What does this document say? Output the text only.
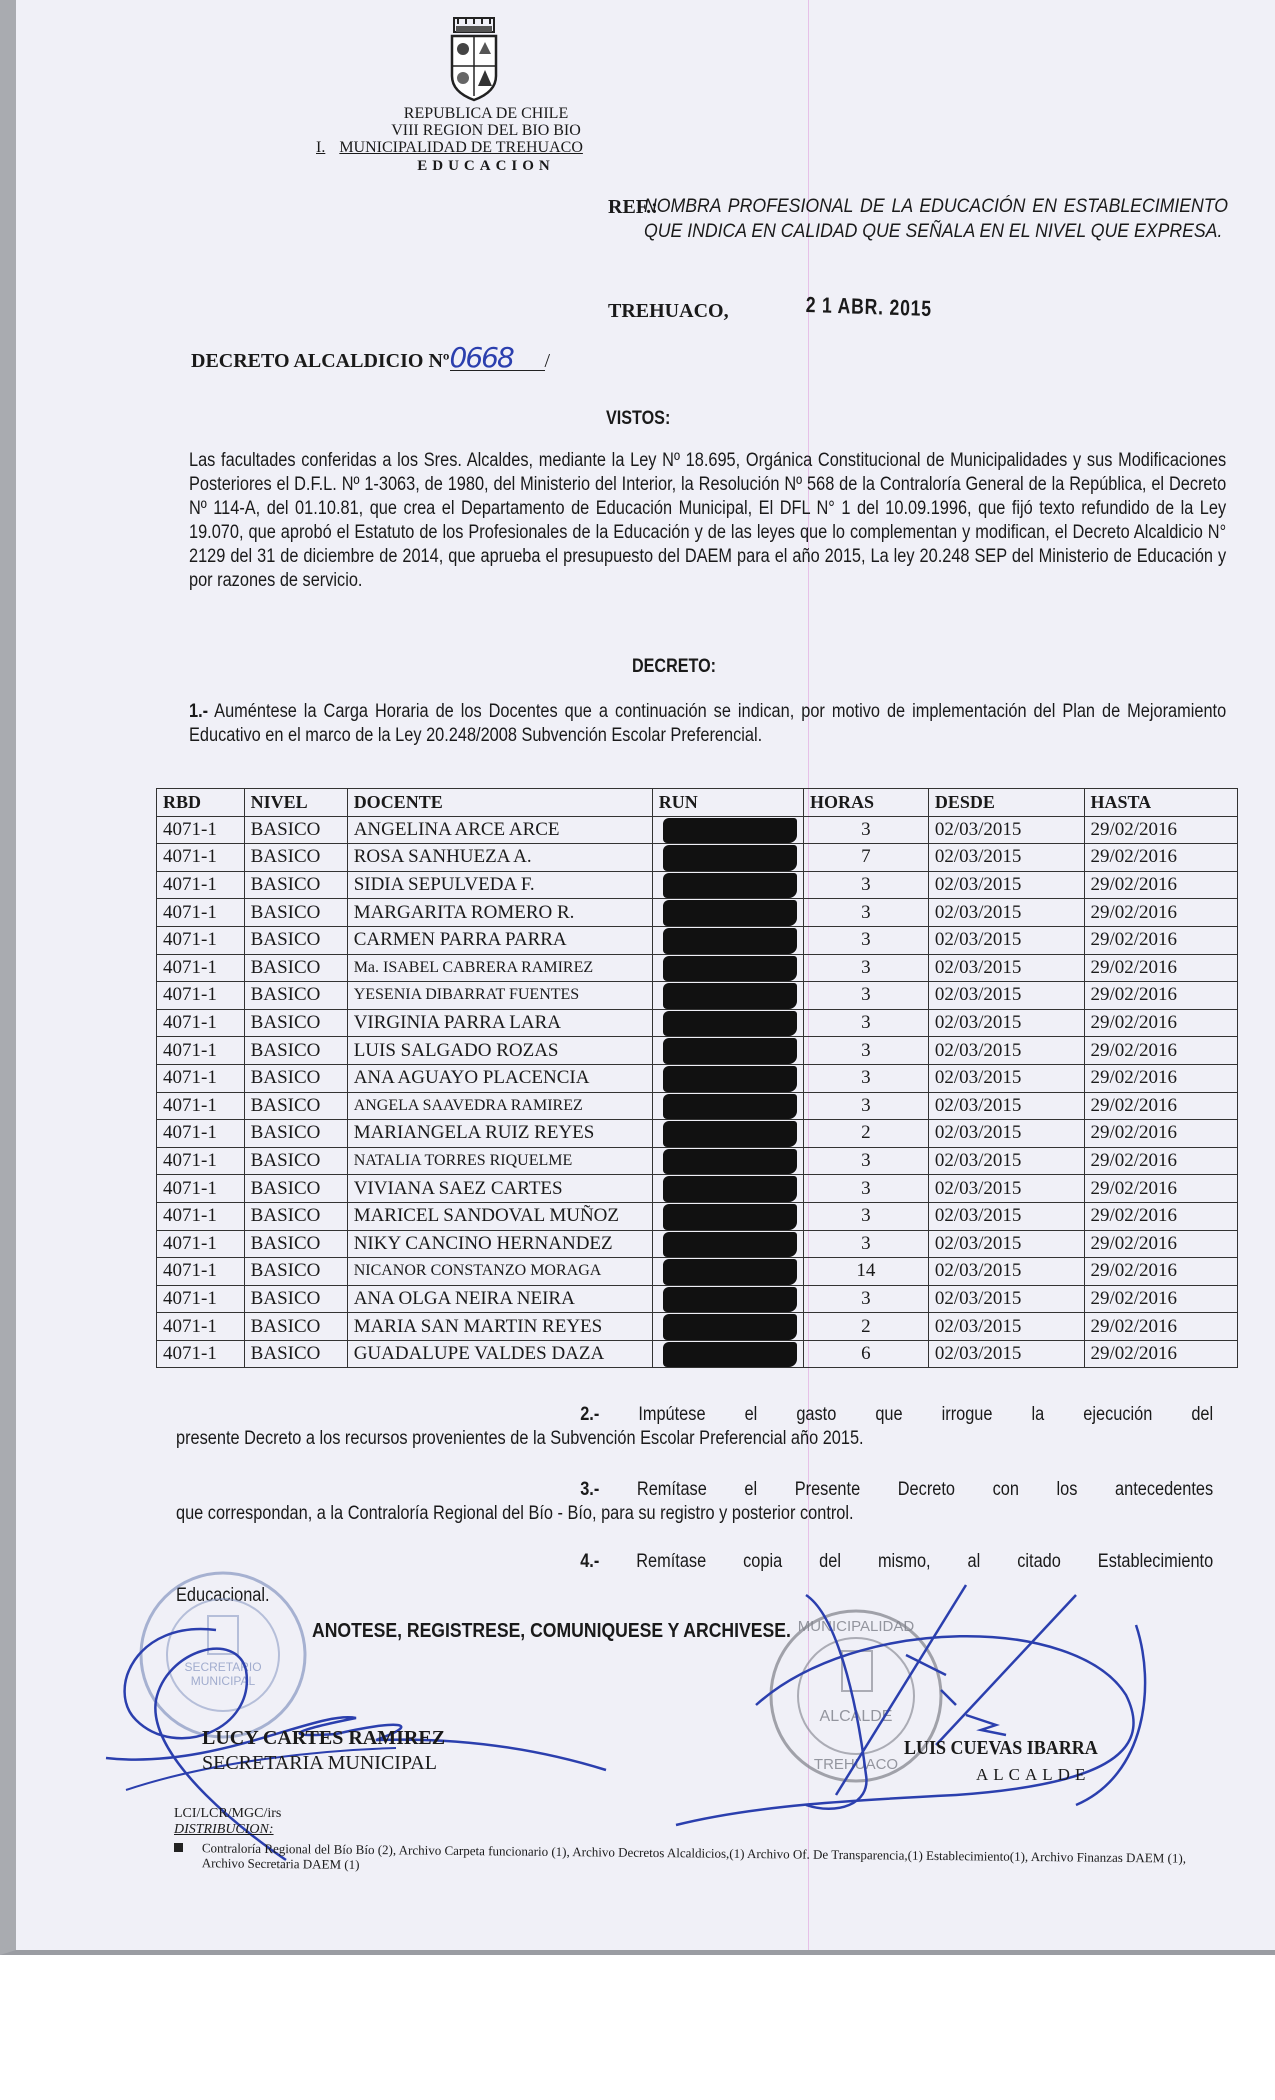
REPUBLICA DE CHILE
VIII REGION DEL BIO BIO
I. MUNICIPALIDAD DE TREHUACO
EDUCACION
REF.:
NOMBRA PROFESIONAL DE LA EDUCACIÓN EN ESTABLECIMIENTO QUE INDICA EN CALIDAD QUE SEÑALA EN EL NIVEL QUE EXPRESA.
TREHUACO,	2 1 ABR. 2015
DECRETO ALCALDICIO Nº0668 /
VISTOS:
Las facultades conferidas a los Sres. Alcaldes, mediante la Ley Nº 18.695, Orgánica Constitucional de Municipalidades y sus Modificaciones Posteriores el D.F.L. Nº 1-3063, de 1980, del Ministerio del Interior, la Resolución Nº 568 de la Contraloría General de la República, el Decreto Nº 114-A, del 01.10.81, que crea el Departamento de Educación Municipal, El DFL N° 1 del 10.09.1996, que fijó texto refundido de la Ley 19.070, que aprobó el Estatuto de los Profesionales de la Educación y de las leyes que lo complementan y modifican, el Decreto Alcaldicio N° 2129 del 31 de diciembre de 2014, que aprueba el presupuesto del DAEM para el año 2015, La ley 20.248 SEP del Ministerio de Educación y por razones de servicio.
DECRETO:
1.- Auméntese la Carga Horaria de los Docentes que a continuación se indican, por motivo de implementación del Plan de Mejoramiento Educativo en el marco de la Ley 20.248/2008 Subvención Escolar Preferencial.
RBD	NIVEL	DOCENTE	RUN	HORAS	DESDE	HASTA
4071-1	BASICO	ANGELINA ARCE ARCE		3	02/03/2015	29/02/2016
4071-1	BASICO	ROSA SANHUEZA A.		7	02/03/2015	29/02/2016
4071-1	BASICO	SIDIA SEPULVEDA F.		3	02/03/2015	29/02/2016
4071-1	BASICO	MARGARITA ROMERO R.		3	02/03/2015	29/02/2016
4071-1	BASICO	CARMEN PARRA PARRA		3	02/03/2015	29/02/2016
4071-1	BASICO	Ma. ISABEL CABRERA RAMIREZ		3	02/03/2015	29/02/2016
4071-1	BASICO	YESENIA DIBARRAT FUENTES		3	02/03/2015	29/02/2016
4071-1	BASICO	VIRGINIA PARRA LARA		3	02/03/2015	29/02/2016
4071-1	BASICO	LUIS SALGADO ROZAS		3	02/03/2015	29/02/2016
4071-1	BASICO	ANA AGUAYO PLACENCIA		3	02/03/2015	29/02/2016
4071-1	BASICO	ANGELA SAAVEDRA RAMIREZ		3	02/03/2015	29/02/2016
4071-1	BASICO	MARIANGELA RUIZ REYES		2	02/03/2015	29/02/2016
4071-1	BASICO	NATALIA TORRES RIQUELME		3	02/03/2015	29/02/2016
4071-1	BASICO	VIVIANA SAEZ CARTES		3	02/03/2015	29/02/2016
4071-1	BASICO	MARICEL SANDOVAL MUÑOZ		3	02/03/2015	29/02/2016
4071-1	BASICO	NIKY CANCINO HERNANDEZ		3	02/03/2015	29/02/2016
4071-1	BASICO	NICANOR CONSTANZO MORAGA		14	02/03/2015	29/02/2016
4071-1	BASICO	ANA OLGA NEIRA NEIRA		3	02/03/2015	29/02/2016
4071-1	BASICO	MARIA SAN MARTIN REYES		2	02/03/2015	29/02/2016
4071-1	BASICO	GUADALUPE VALDES DAZA		6	02/03/2015	29/02/2016
2.- Impútese el gasto que irrogue la ejecución del
presente Decreto a los recursos provenientes de la Subvención Escolar Preferencial año 2015.
3.- Remítase el Presente Decreto con los antecedentes
que correspondan, a la Contraloría Regional del Bío - Bío, para su registro y posterior control.
4.- Remítase copia del mismo, al citado Establecimiento
Educacional.
SECRETARIO
MUNICIPAL
ALCALDE
TREHUACO
MUNICIPALIDAD
ANOTESE, REGISTRESE, COMUNIQUESE Y ARCHIVESE.
LUCY CARTES RAMIREZ
SECRETARIA MUNICIPAL
LUIS CUEVAS IBARRA
ALCALDE
LCI/LCR/MGC/irs
DISTRIBUCION:
Contraloría Regional del Bío Bío (2), Archivo Carpeta funcionario (1), Archivo Decretos Alcaldicios,(1) Archivo Of. De Transparencia,(1) Establecimiento(1), Archivo Finanzas DAEM (1), Archivo Secretaria DAEM (1)
